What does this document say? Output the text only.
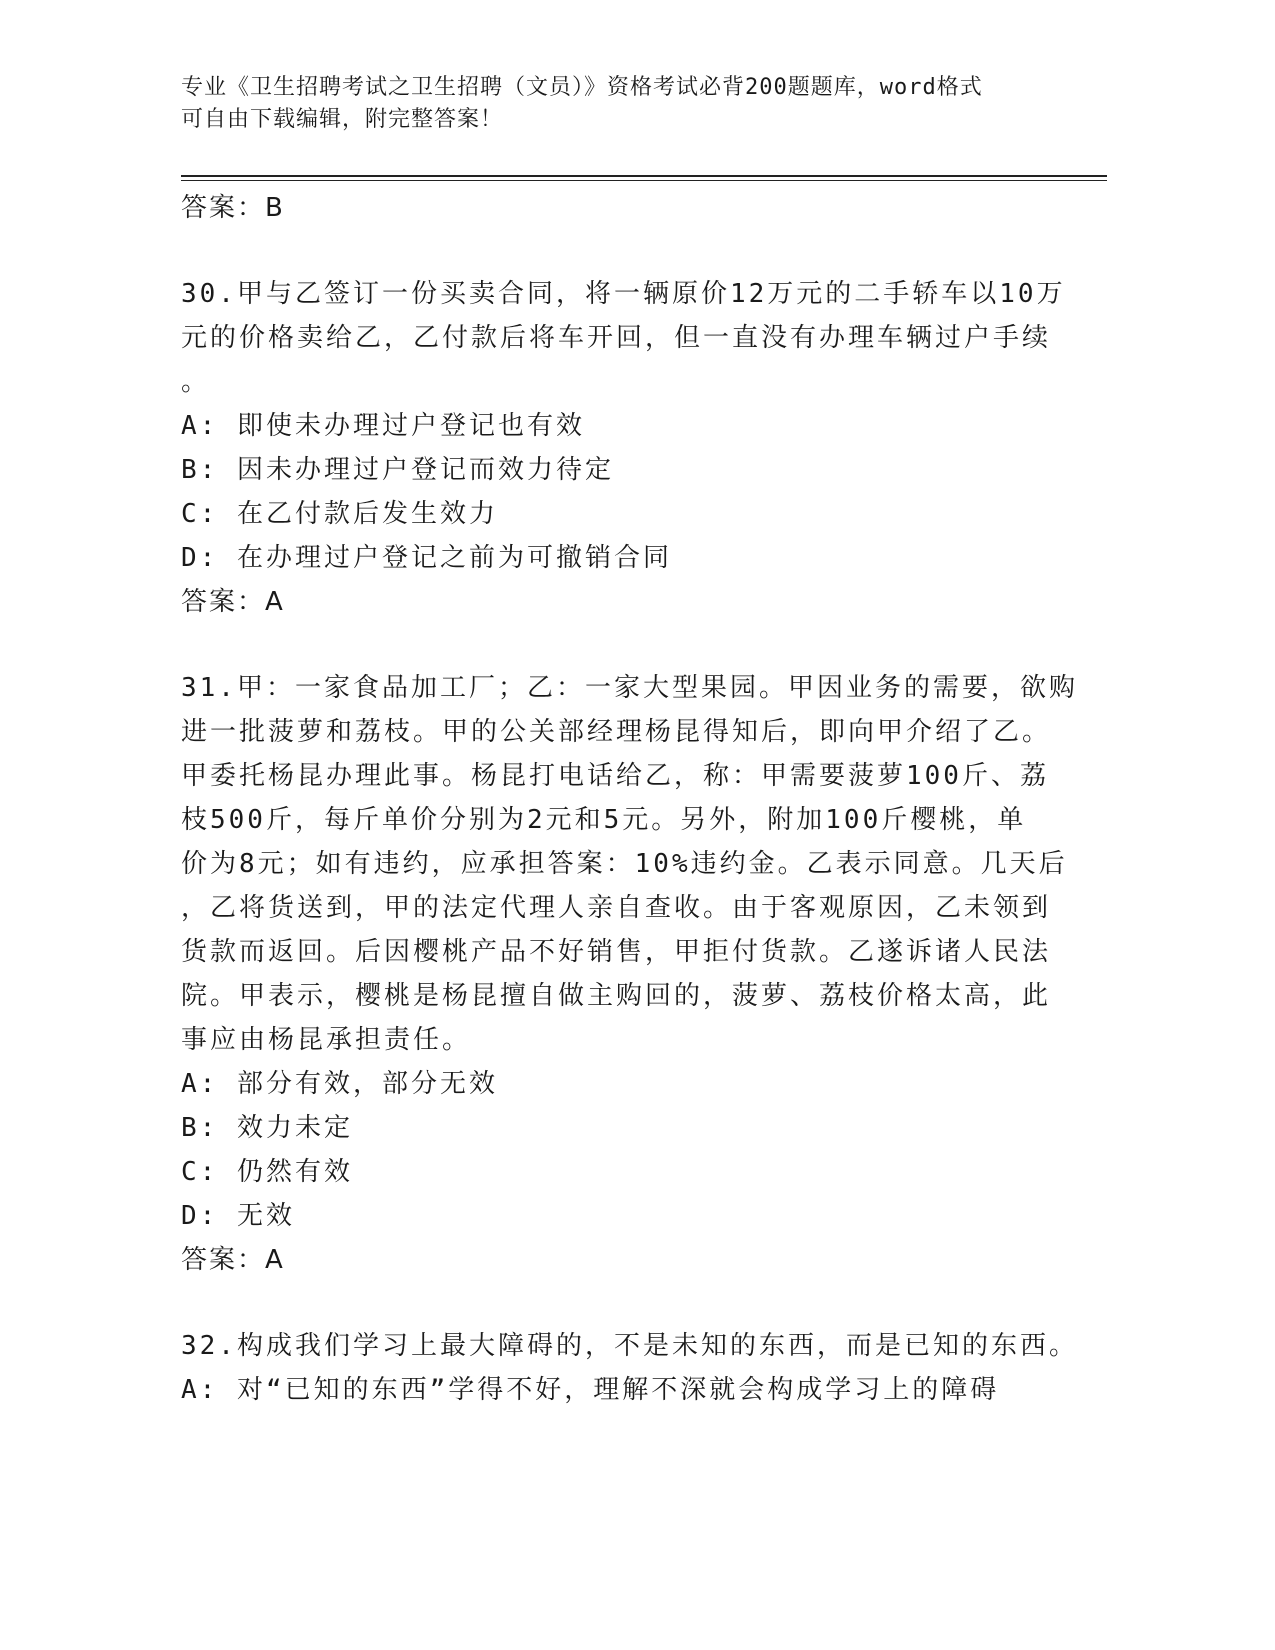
专业《卫生招聘考试之卫生招聘（文员）》资格考试必背200题题库，word格式
可自由下载编辑，附完整答案！
答案：B
30.甲与乙签订一份买卖合同，将一辆原价12万元的二手轿车以10万
元的价格卖给乙，乙付款后将车开回，但一直没有办理车辆过户手续
。
A: 即使未办理过户登记也有效
B: 因未办理过户登记而效力待定
C: 在乙付款后发生效力
D: 在办理过户登记之前为可撤销合同
答案：A
31.甲：一家食品加工厂；乙：一家大型果园。甲因业务的需要，欲购
进一批菠萝和荔枝。甲的公关部经理杨昆得知后，即向甲介绍了乙。
甲委托杨昆办理此事。杨昆打电话给乙，称：甲需要菠萝100斤、荔
枝500斤，每斤单价分别为2元和5元。另外，附加100斤樱桃，单
价为8元；如有违约，应承担答案：10%违约金。乙表示同意。几天后
，乙将货送到，甲的法定代理人亲自查收。由于客观原因，乙未领到
货款而返回。后因樱桃产品不好销售，甲拒付货款。乙遂诉诸人民法
院。甲表示，樱桃是杨昆擅自做主购回的，菠萝、荔枝价格太高，此
事应由杨昆承担责任。
A: 部分有效，部分无效
B: 效力未定
C: 仍然有效
D: 无效
答案：A
32.构成我们学习上最大障碍的，不是未知的东西，而是已知的东西。
A: 对“已知的东西”学得不好，理解不深就会构成学习上的障碍
